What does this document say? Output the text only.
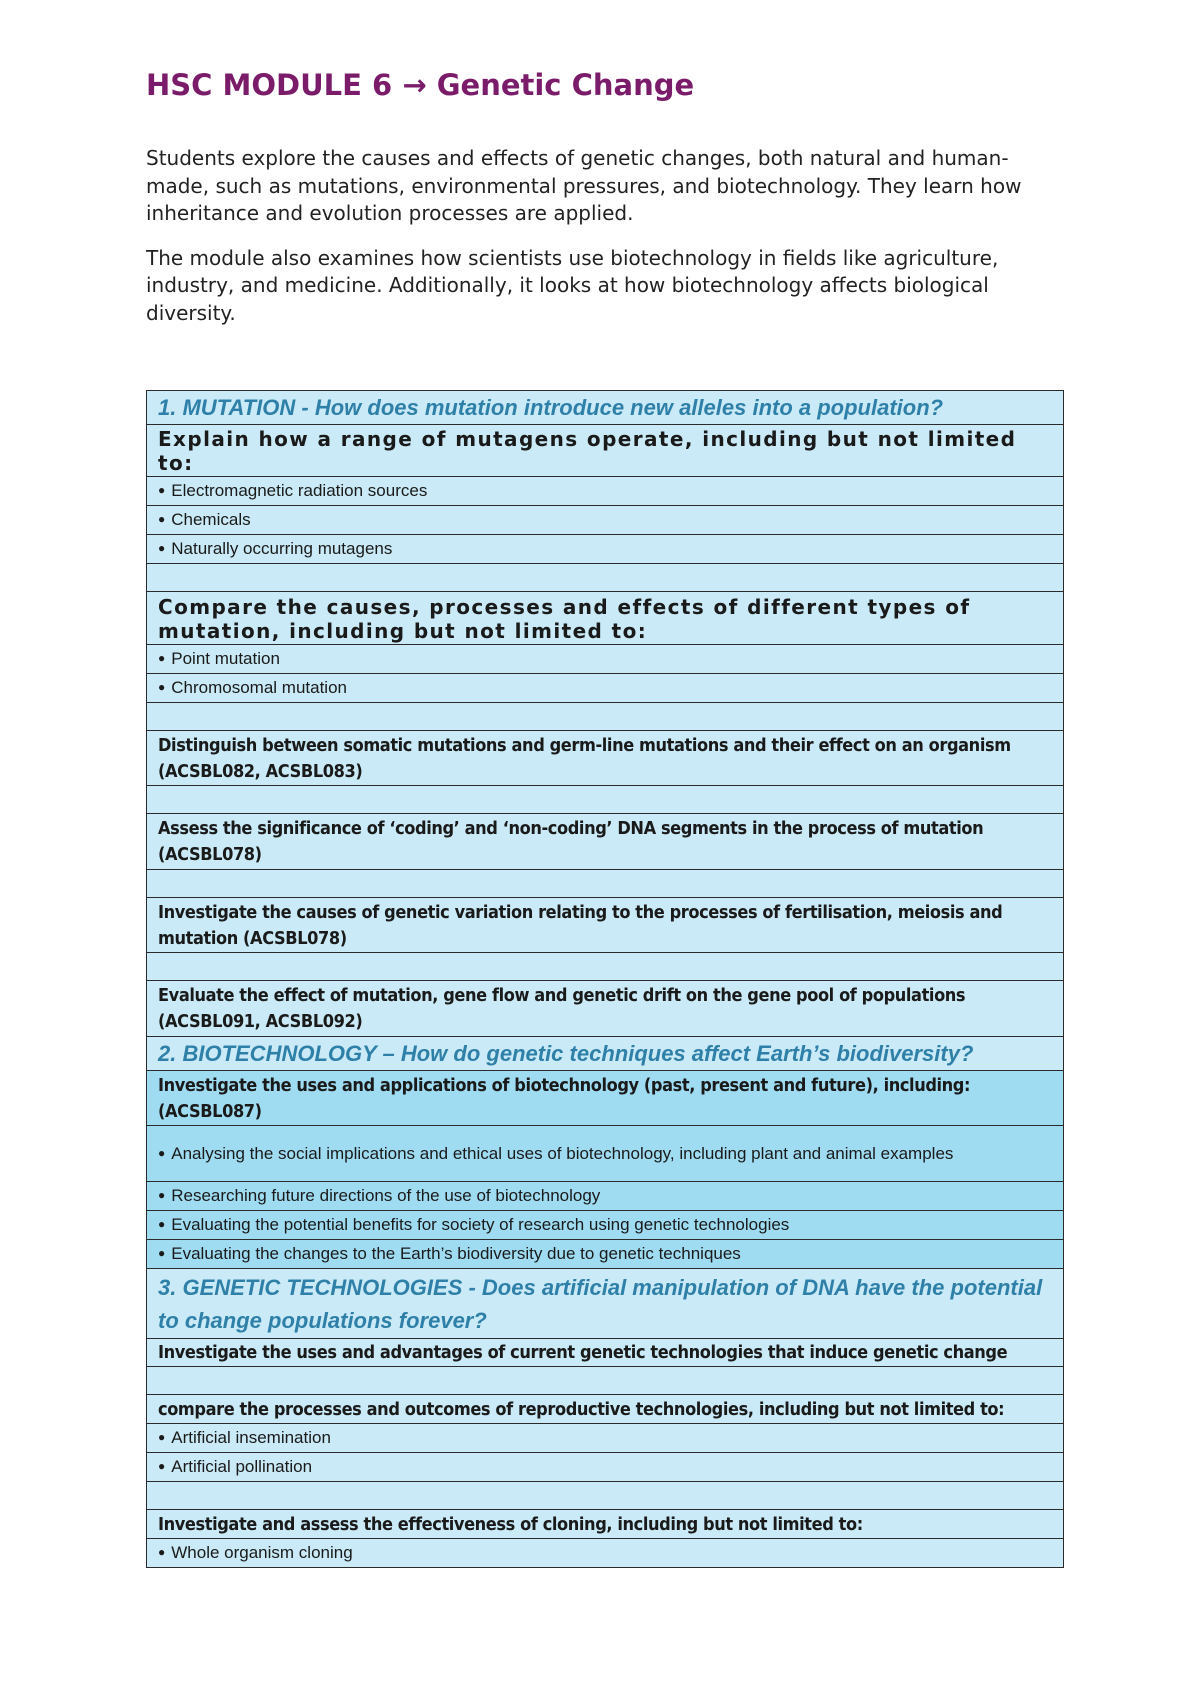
HSC MODULE 6 → Genetic Change

Students explore the causes and effects of genetic changes, both natural and human-made, such as mutations, environmental pressures, and biotechnology. They learn how inheritance and evolution processes are applied.

The module also examines how scientists use biotechnology in fields like agriculture, industry, and medicine. Additionally, it looks at how biotechnology affects biological diversity.

1. MUTATION - How does mutation introduce new alleles into a population?

Explain how a range of mutagens operate, including but not limited to:

● Electromagnetic radiation sources

● Chemicals

● Naturally occurring mutagens

Compare the causes, processes and effects of different types of mutation, including but not limited to:

● Point mutation

● Chromosomal mutation

Distinguish between somatic mutations and germ-line mutations and their effect on an organism (ACSBL082, ACSBL083)

Assess the significance of ‘coding’ and ‘non-coding’ DNA segments in the process of mutation (ACSBL078)

Investigate the causes of genetic variation relating to the processes of fertilisation, meiosis and mutation (ACSBL078)

Evaluate the effect of mutation, gene flow and genetic drift on the gene pool of populations (ACSBL091, ACSBL092)

2. BIOTECHNOLOGY – How do genetic techniques affect Earth’s biodiversity?

Investigate the uses and applications of biotechnology (past, present and future), including: (ACSBL087)

● Analysing the social implications and ethical uses of biotechnology, including plant and animal examples

● Researching future directions of the use of biotechnology

● Evaluating the potential benefits for society of research using genetic technologies

● Evaluating the changes to the Earth’s biodiversity due to genetic techniques

3. GENETIC TECHNOLOGIES - Does artificial manipulation of DNA have the potential to change populations forever?

Investigate the uses and advantages of current genetic technologies that induce genetic change

compare the processes and outcomes of reproductive technologies, including but not limited to:

● Artificial insemination

● Artificial pollination

Investigate and assess the effectiveness of cloning, including but not limited to:

● Whole organism cloning
